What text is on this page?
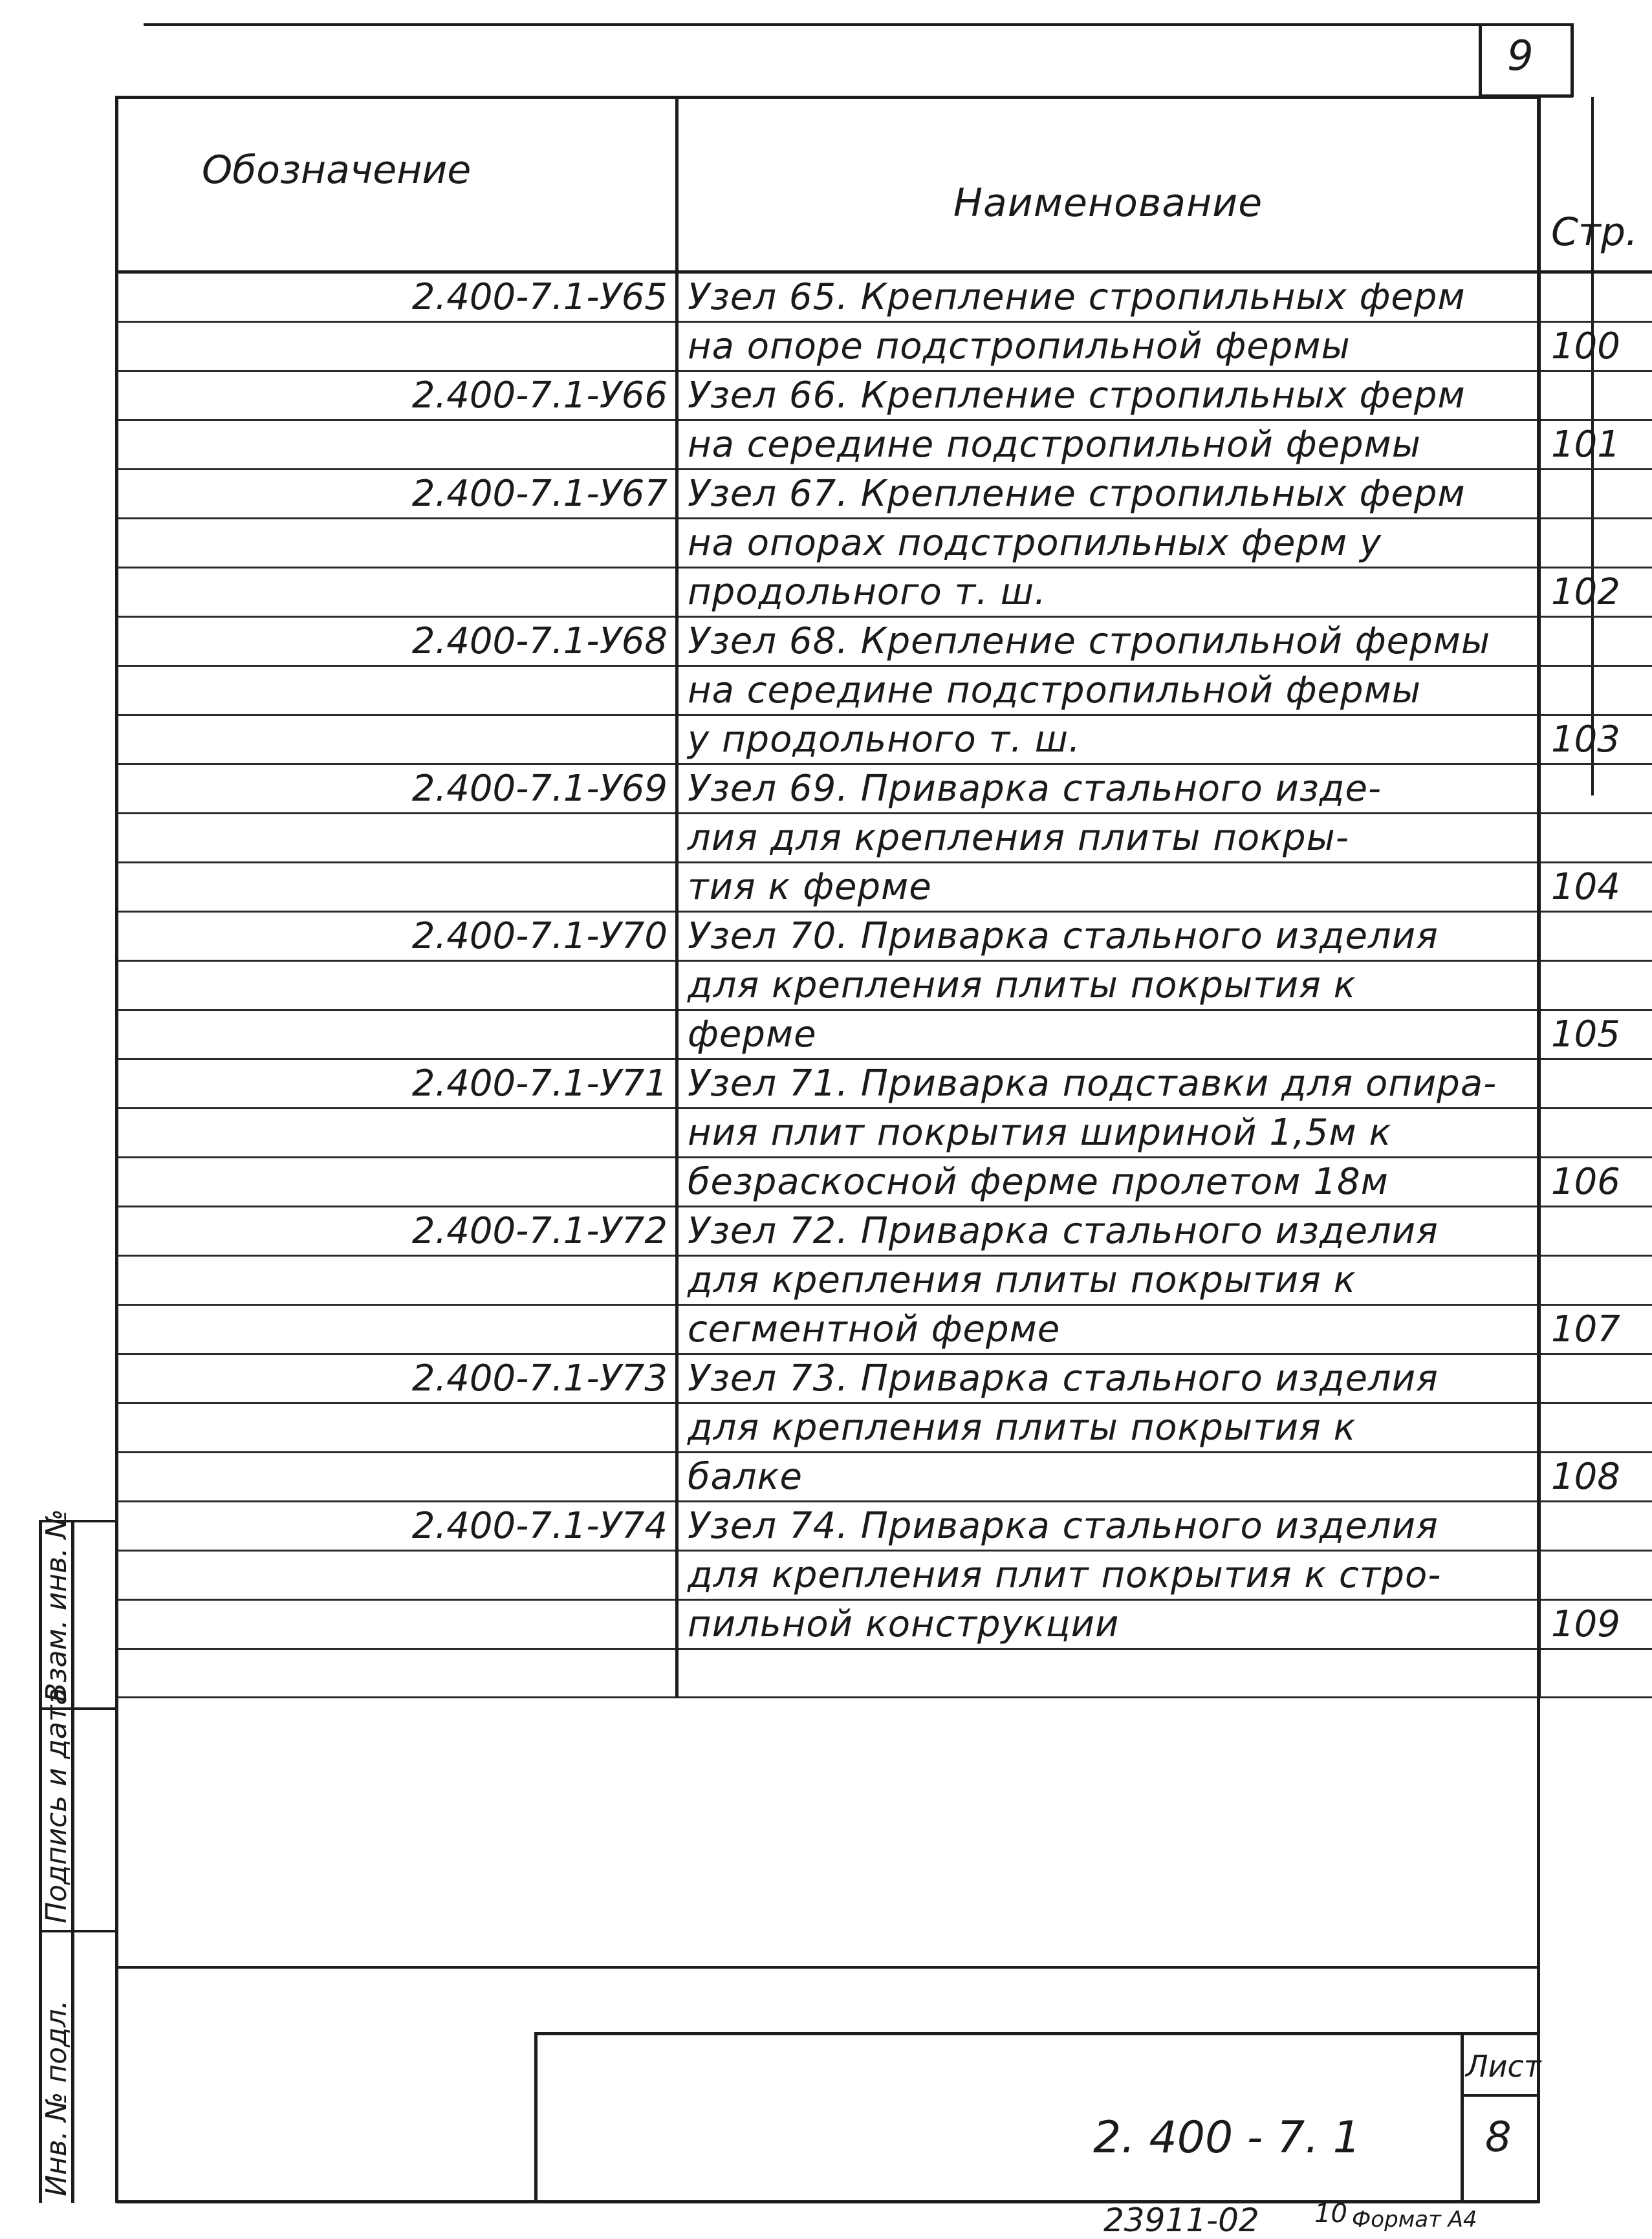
9
Обозначение	Наименование	Стр.
2.400-7.1-У65	Узел 65. Крепление стропильных ферм	
	на опоре подстропильной фермы	100
2.400-7.1-У66	Узел 66. Крепление стропильных ферм	
	на середине подстропильной фермы	101
2.400-7.1-У67	Узел 67. Крепление стропильных ферм	
	на опорах подстропильных ферм у	
	продольного т. ш.	102
2.400-7.1-У68	Узел 68. Крепление стропильной фермы	
	на середине подстропильной фермы	
	у продольного т. ш.	103
2.400-7.1-У69	Узел 69. Приварка стального изде-	
	лия для крепления плиты покры-	
	тия к ферме	104
2.400-7.1-У70	Узел 70. Приварка стального изделия	
	для крепления плиты покрытия к	
	ферме	105
2.400-7.1-У71	Узел 71. Приварка подставки для опира-	
	ния плит покрытия шириной 1,5м к	
	безраскосной ферме пролетом 18м	106
2.400-7.1-У72	Узел 72. Приварка стального изделия	
	для крепления плиты покрытия к	
	сегментной ферме	107
2.400-7.1-У73	Узел 73. Приварка стального изделия	
	для крепления плиты покрытия к	
	балке	108
2.400-7.1-У74	Узел 74. Приварка стального изделия	
	для крепления плит покрытия к стро-	
	пильной конструкции	109

2. 400 - 7. 1
Лист
8
Инв. № подл.
Подпись и дата
Взам. инв. №
23911-02 10 Формат А4
